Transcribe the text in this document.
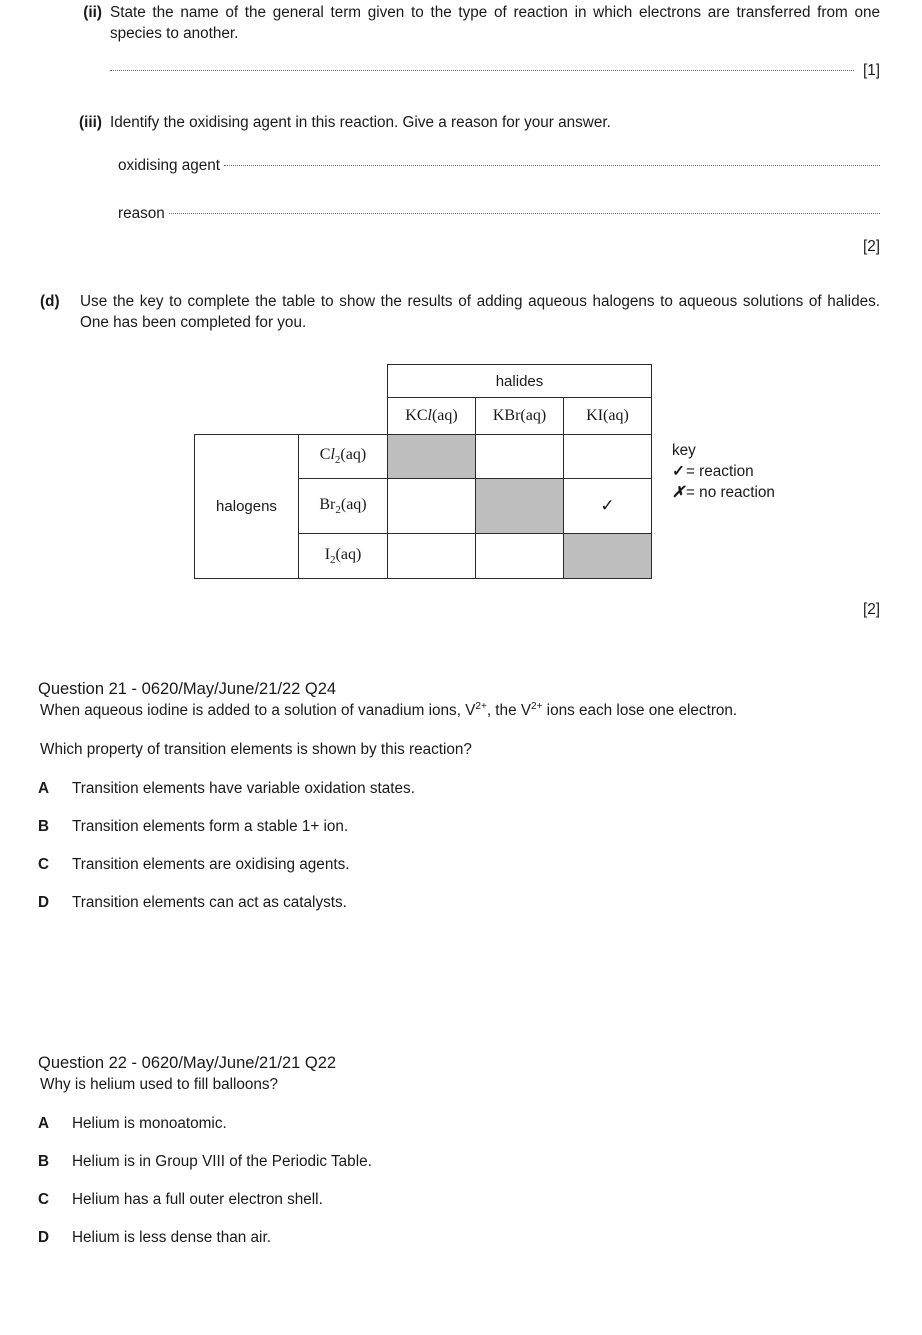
(ii) State the name of the general term given to the type of reaction in which electrons are transferred from one species to another.
[1]
(iii) Identify the oxidising agent in this reaction. Give a reason for your answer.
oxidising agent
reason
[2]
(d)	Use the key to complete the table to show the results of adding aqueous halogens to aqueous solutions of halides. One has been completed for you.
		halides		
		KCl(aq)	KBr(aq)	KI(aq)
halogens	$Cl_2(aq)$			
	$Br_2(aq)$			✓
	$I_2(aq)$			
key
✓= reaction
✗= no reaction
[2]
Question 21 - 0620/May/June/21/22 Q24
When aqueous iodine is added to a solution of vanadium ions, $V^{2+}$, the $V^{2+}$ ions each lose one electron.
Which property of transition elements is shown by this reaction?
A	Transition elements have variable oxidation states.
B	Transition elements form a stable 1+ ion.
C	Transition elements are oxidising agents.
D	Transition elements can act as catalysts.
Question 22 - 0620/May/June/21/21 Q22
Why is helium used to fill balloons?
A	Helium is monoatomic.
B	Helium is in Group VIII of the Periodic Table.
C	Helium has a full outer electron shell.
D	Helium is less dense than air.
